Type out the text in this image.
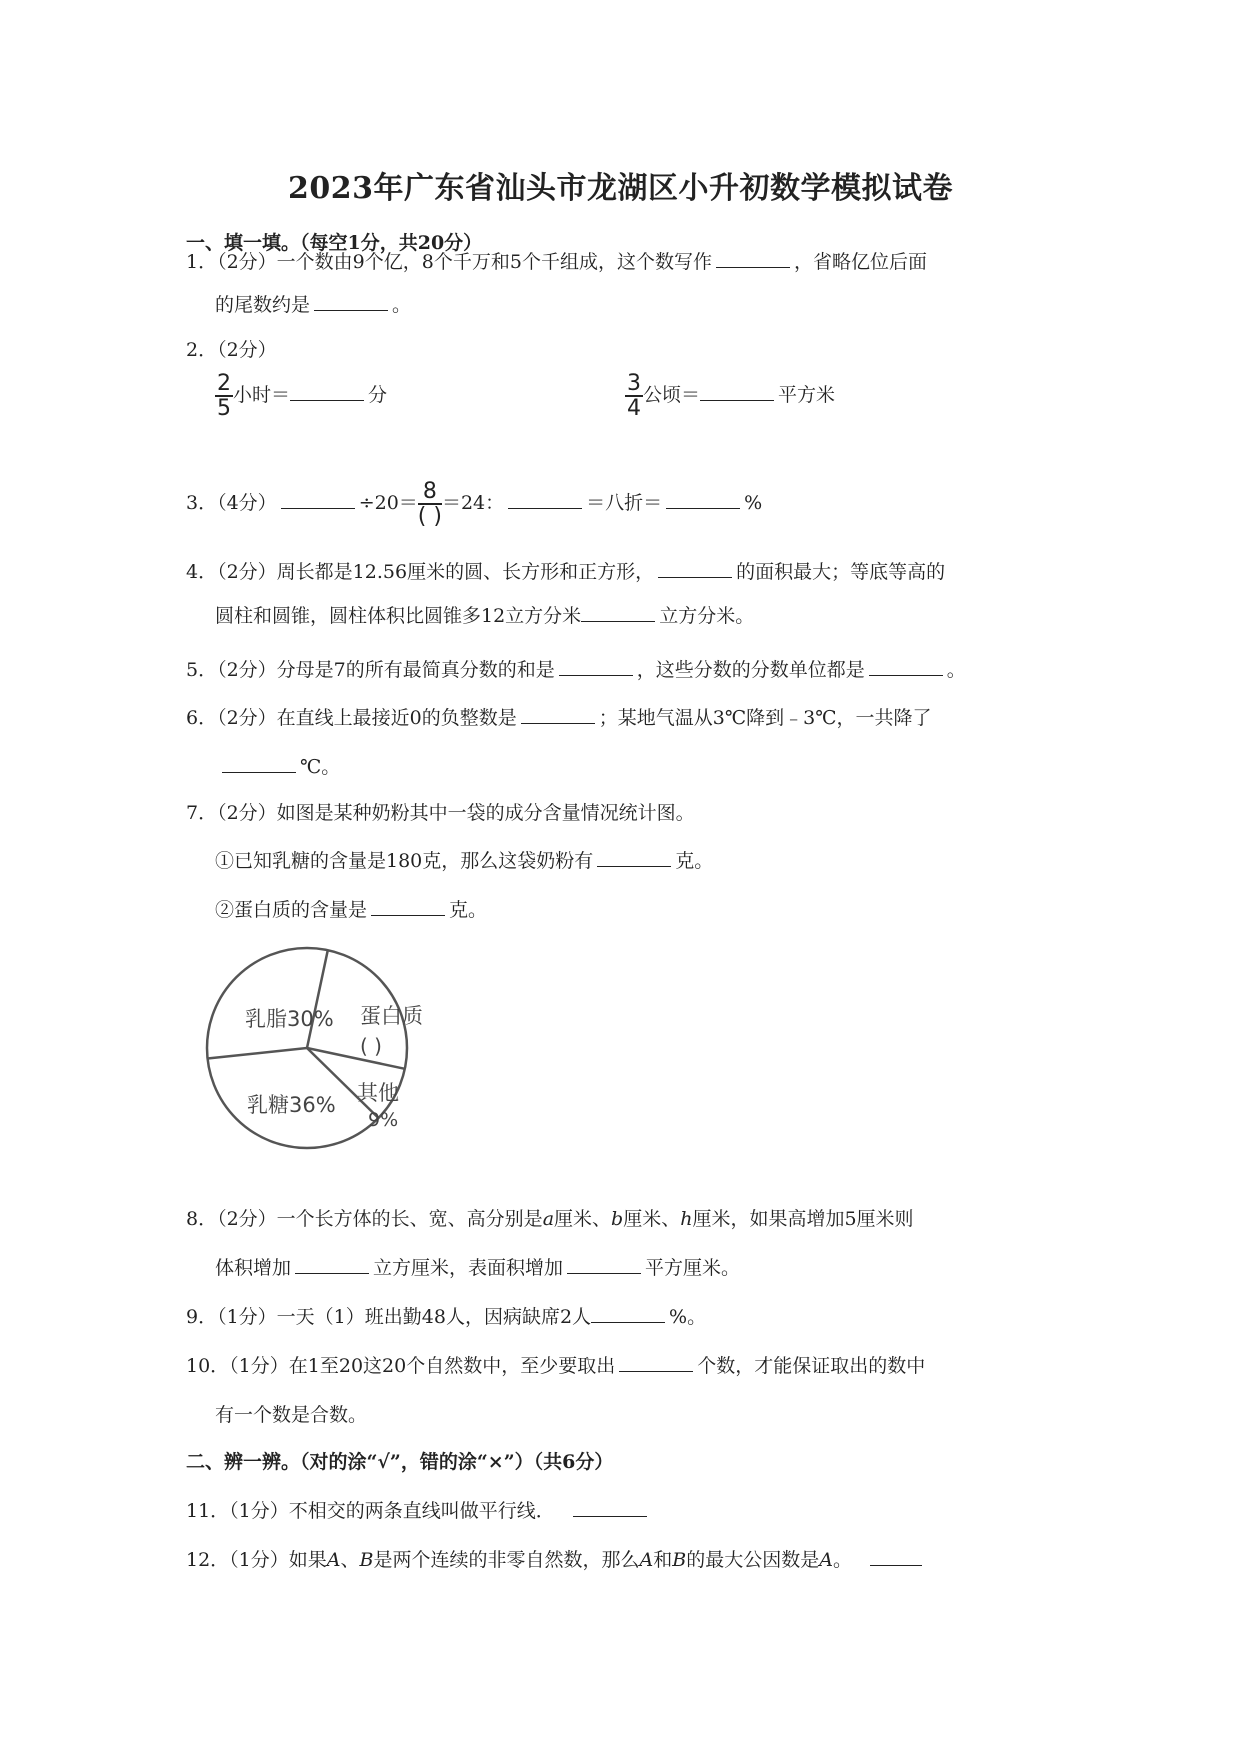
2023年广东省汕头市龙湖区小升初数学模拟试卷
一、填一填。（每空1分，共20分）
1．（2分）一个数由9个亿，8个千万和5个千组成，这个数写作	，省略亿位后面
的尾数约是	。
2．（2分）
$\frac{2}{5}$ 小时＝	分	$\frac{3}{4}$ 公顷＝	平方米
3．（4分）	$\div 20= \frac{8}{( )} =24$：	＝八折＝	%
4．（2分）周长都是12.56厘米的圆、长方形和正方形，	的面积最大；等底等高的
圆柱和圆锥，圆柱体积比圆锥多12立方分米	立方分米。
5．（2分）分母是7的所有最简真分数的和是	，这些分数的分数单位都是	。
6．（2分）在直线上最接近0的负整数是	；某地气温从3℃降到﹣3℃，一共降了
℃。
7．（2分）如图是某种奶粉其中一袋的成分含量情况统计图。
①已知乳糖的含量是180克，那么这袋奶粉有	克。
②蛋白质的含量是	克。
乳脂30% 蛋白质
( )
其他
9%
乳糖36%
8．（2分）一个长方体的长、宽、高分别是a厘米、b厘米、h厘米，如果高增加5厘米则
体积增加	立方厘米，表面积增加	平方厘米。
9．（1分）一天（1）班出勤48人，因病缺席2人	%。
10．（1分）在1至20这20个自然数中，至少要取出	个数，才能保证取出的数中
有一个数是合数。
二、辨一辨。（对的涂“√”，错的涂“×”）（共6分）
11．（1分）不相交的两条直线叫做平行线．
12．（1分）如果A、B是两个连续的非零自然数，那么A和B的最大公因数是A。
